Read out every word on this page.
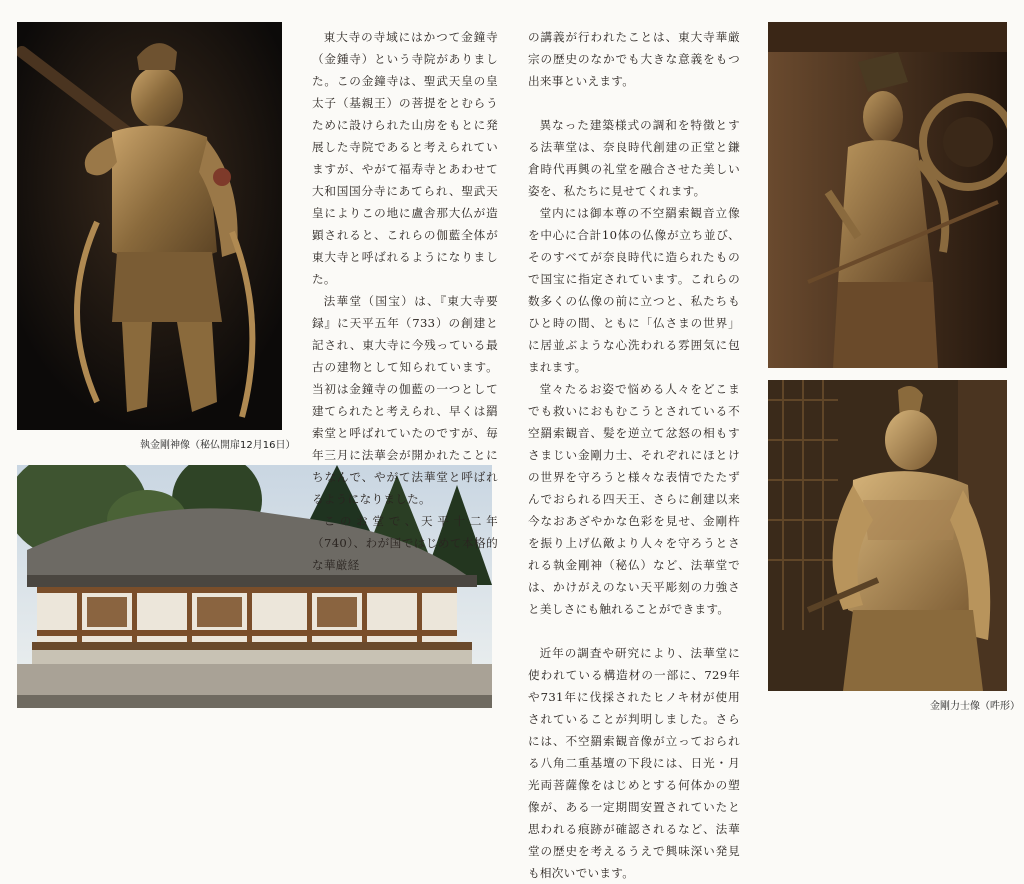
執金剛神像（秘仏開扉12月16日）

東大寺の寺域にはかつて金鐘寺（金鍾寺）という寺院がありました。この金鐘寺は、聖武天皇の皇太子（基親王）の菩提をとむらうために設けられた山房をもとに発展した寺院であると考えられていますが、やがて福寿寺とあわせて大和国国分寺にあてられ、聖武天皇によりこの地に盧舎那大仏が造顕されると、これらの伽藍全体が東大寺と呼ばれるようになりました。

法華堂（国宝）は、『東大寺要録』に天平五年（733）の創建と記され、東大寺に今残っている最古の建物として知られています。当初は金鐘寺の伽藍の一つとして建てられたと考えられ、早くは羂索堂と呼ばれていたのですが、毎年三月に法華会が開かれたことにちなんで、やがて法華堂と呼ばれるようになりました。

このお堂で、天平十二年（740）、わが国ではじめて本格的な華厳経

の講義が行われたことは、東大寺華厳宗の歴史のなかでも大きな意義をもつ出来事といえます。

異なった建築様式の調和を特徴とする法華堂は、奈良時代創建の正堂と鎌倉時代再興の礼堂を融合させた美しい姿を、私たちに見せてくれます。

堂内には御本尊の不空羂索観音立像を中心に合計10体の仏像が立ち並び、そのすべてが奈良時代に造られたもので国宝に指定されています。これらの数多くの仏像の前に立つと、私たちもひと時の間、ともに「仏さまの世界」に居並ぶような心洗われる雰囲気に包まれます。

堂々たるお姿で悩める人々をどこまでも救いにおもむこうとされている不空羂索観音、髪を逆立て忿怒の相もすさまじい金剛力士、それぞれにほとけの世界を守ろうと様々な表情でたたずんでおられる四天王、さらに創建以来今なおあざやかな色彩を見せ、金剛杵を振り上げ仏敵より人々を守ろうとされる執金剛神（秘仏）など、法華堂では、かけがえのない天平彫刻の力強さと美しさにも触れることができます。

近年の調査や研究により、法華堂に使われている構造材の一部に、729年や731年に伐採されたヒノキ材が使用されていることが判明しました。さらには、不空羂索観音像が立っておられる八角二重基壇の下段には、日光・月光両菩薩像をはじめとする何体かの塑像が、ある一定期間安置されていたと思われる痕跡が確認されるなど、法華堂の歴史を考えるうえで興味深い発見も相次いでいます。

金剛力士像（吽形）
